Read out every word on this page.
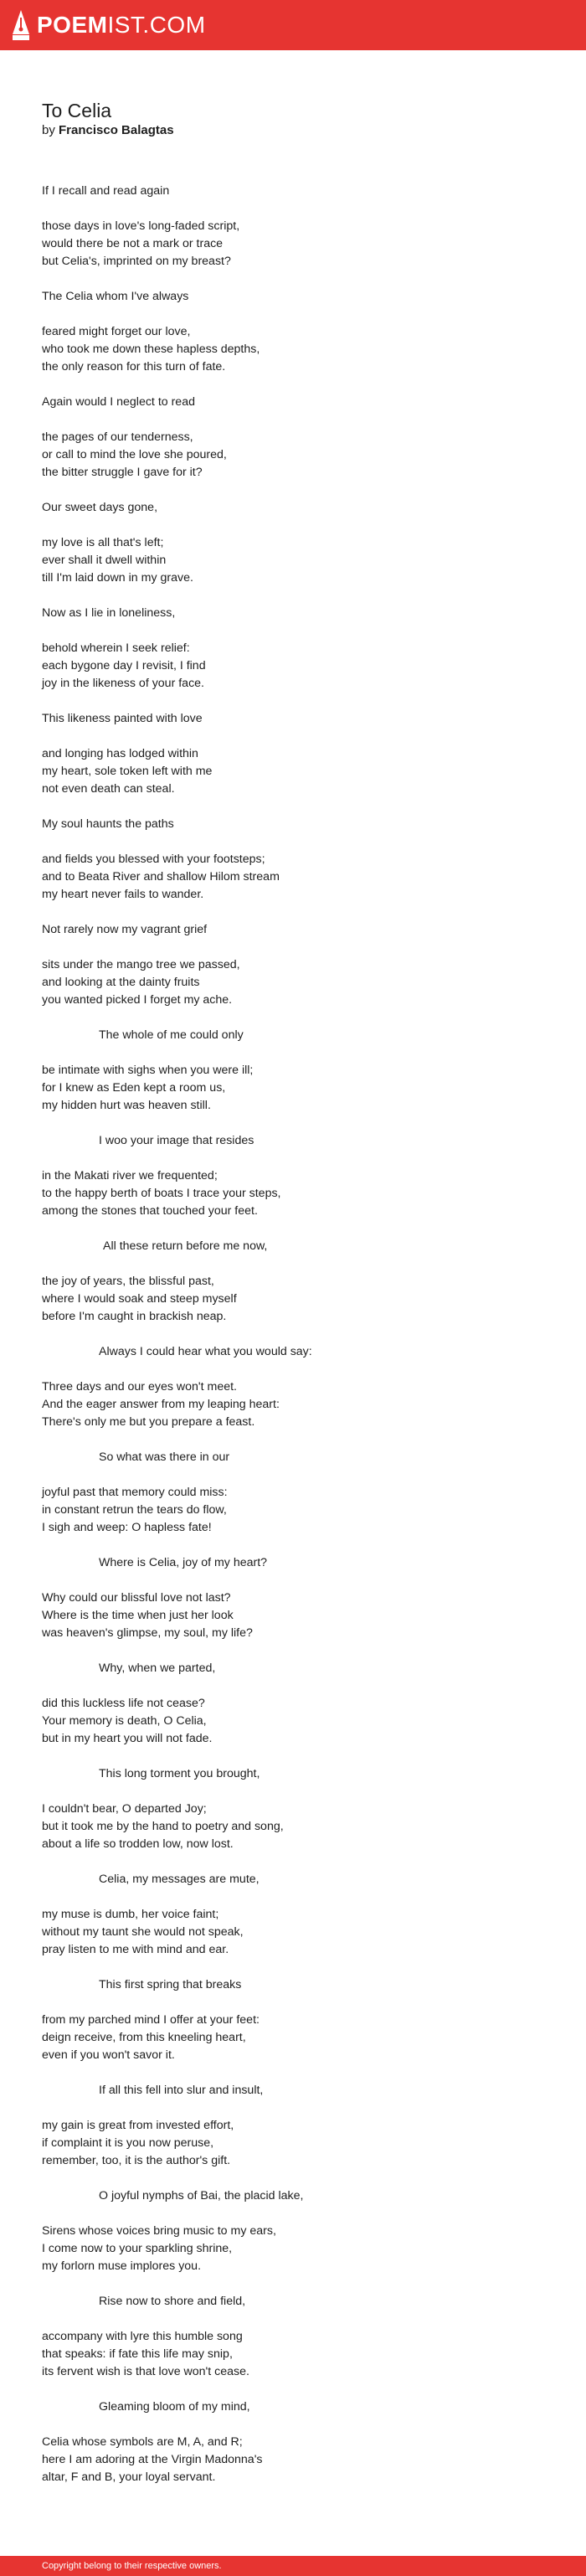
POEMIST.COM
To Celia
by Francisco Balagtas
If I recall and read again
those days in love's long-faded script,
would there be not a mark or trace
but Celia's, imprinted on my breast?
The Celia whom I've always
feared might forget our love,
who took me down these hapless depths,
the only reason for this turn of fate.
Again would I neglect to read
the pages of our tenderness,
or call to mind the love she poured,
the bitter struggle I gave for it?
Our sweet days gone,
my love is all that's left;
ever shall it dwell within
till I'm laid down in my grave.
Now as I lie in loneliness,
behold wherein I seek relief:
each bygone day I revisit, I find
joy in the likeness of your face.
This likeness painted with love
and longing has lodged within
my heart, sole token left with me
not even death can steal.
My soul haunts the paths
and fields you blessed with your footsteps;
and to Beata River and shallow Hilom stream
my heart never fails to wander.
Not rarely now my vagrant grief
sits under the mango tree we passed,
and looking at the dainty fruits
you wanted picked I forget my ache.
The whole of me could only
be intimate with sighs when you were ill;
for I knew as Eden kept a room us,
my hidden hurt was heaven still.
I woo your image that resides
in the Makati river we frequented;
to the happy berth of boats I trace your steps,
among the stones that touched your feet.
All these return before me now,
the joy of years, the blissful past,
where I would soak and steep myself
before I'm caught in brackish neap.
Always I could hear what you would say:
Three days and our eyes won't meet.
And the eager answer from my leaping heart:
There's only me but you prepare a feast.
So what was there in our
joyful past that memory could miss:
in constant retrun the tears do flow,
I sigh and weep: O hapless fate!
Where is Celia, joy of my heart?
Why could our blissful love not last?
Where is the time when just her look
was heaven's glimpse, my soul, my life?
Why, when we parted,
did this luckless life not cease?
Your memory is death, O Celia,
but in my heart you will not fade.
This long torment you brought,
I couldn't bear, O departed Joy;
but it took me by the hand to poetry and song,
about a life so trodden low, now lost.
Celia, my messages are mute,
my muse is dumb, her voice faint;
without my taunt she would not speak,
pray listen to me with mind and ear.
This first spring that breaks
from my parched mind I offer at your feet:
deign receive, from this kneeling heart,
even if you won't savor it.
If all this fell into slur and insult,
my gain is great from invested effort,
if complaint it is you now peruse,
remember, too, it is the author's gift.
O joyful nymphs of Bai, the placid lake,
Sirens whose voices bring music to my ears,
I come now to your sparkling shrine,
my forlorn muse implores you.
Rise now to shore and field,
accompany with lyre this humble song
that speaks: if fate this life may snip,
its fervent wish is that love won't cease.
Gleaming bloom of my mind,
Celia whose symbols are M, A, and R;
here I am adoring at the Virgin Madonna's
altar, F and B, your loyal servant.
Copyright belong to their respective owners.
